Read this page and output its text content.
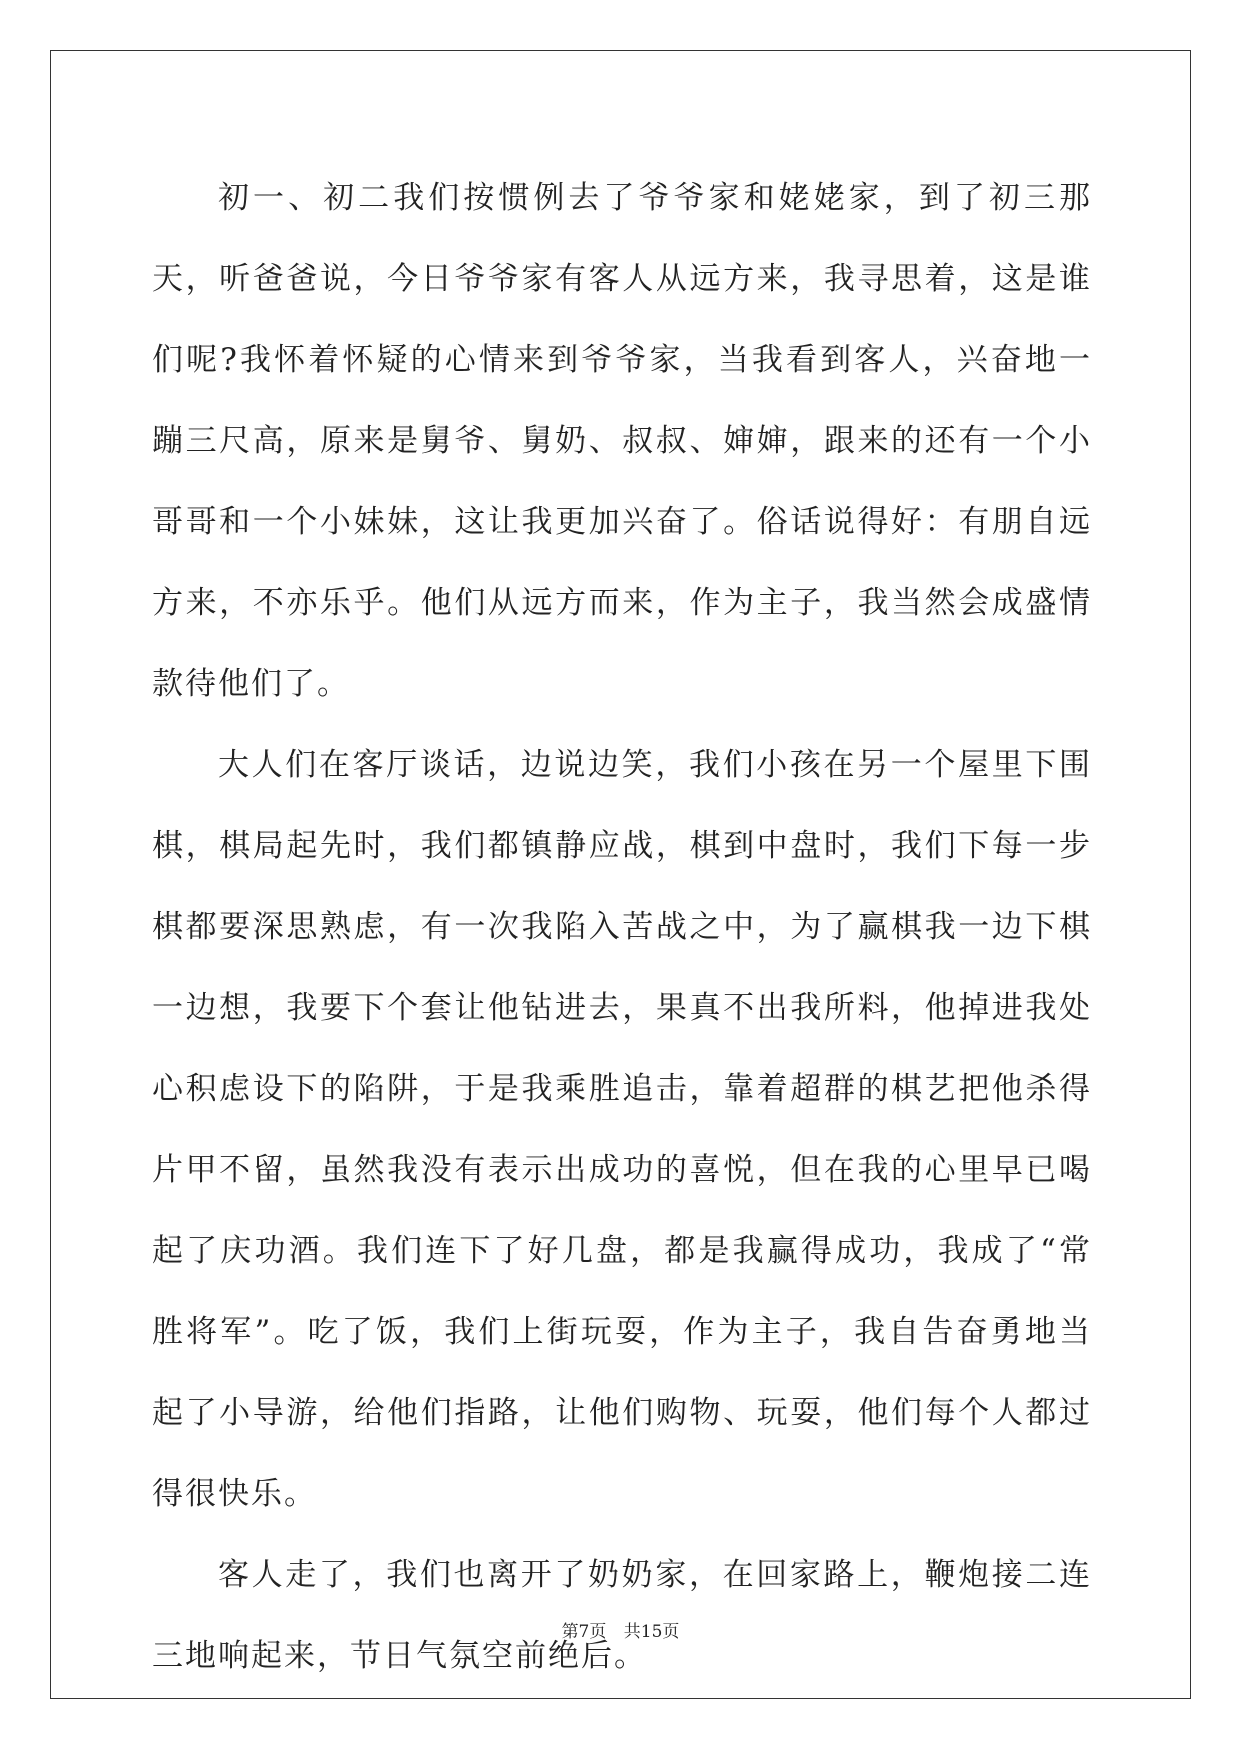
初一、初二我们按惯例去了爷爷家和姥姥家，到了初三那天，听爸爸说，今日爷爷家有客人从远方来，我寻思着，这是谁们呢?我怀着怀疑的心情来到爷爷家，当我看到客人，兴奋地一蹦三尺高，原来是舅爷、舅奶、叔叔、婶婶，跟来的还有一个小哥哥和一个小妹妹，这让我更加兴奋了。俗话说得好：有朋自远方来，不亦乐乎。他们从远方而来，作为主子，我当然会成盛情款待他们了。

大人们在客厅谈话，边说边笑，我们小孩在另一个屋里下围棋，棋局起先时，我们都镇静应战，棋到中盘时，我们下每一步棋都要深思熟虑，有一次我陷入苦战之中，为了赢棋我一边下棋一边想，我要下个套让他钻进去，果真不出我所料，他掉进我处心积虑设下的陷阱，于是我乘胜追击，靠着超群的棋艺把他杀得片甲不留，虽然我没有表示出成功的喜悦，但在我的心里早已喝起了庆功酒。我们连下了好几盘，都是我赢得成功，我成了“常胜将军”。吃了饭，我们上街玩耍，作为主子，我自告奋勇地当起了小导游，给他们指路，让他们购物、玩耍，他们每个人都过得很快乐。

客人走了，我们也离开了奶奶家，在回家路上，鞭炮接二连三地响起来，节日气氛空前绝后。

第7页 共15页
